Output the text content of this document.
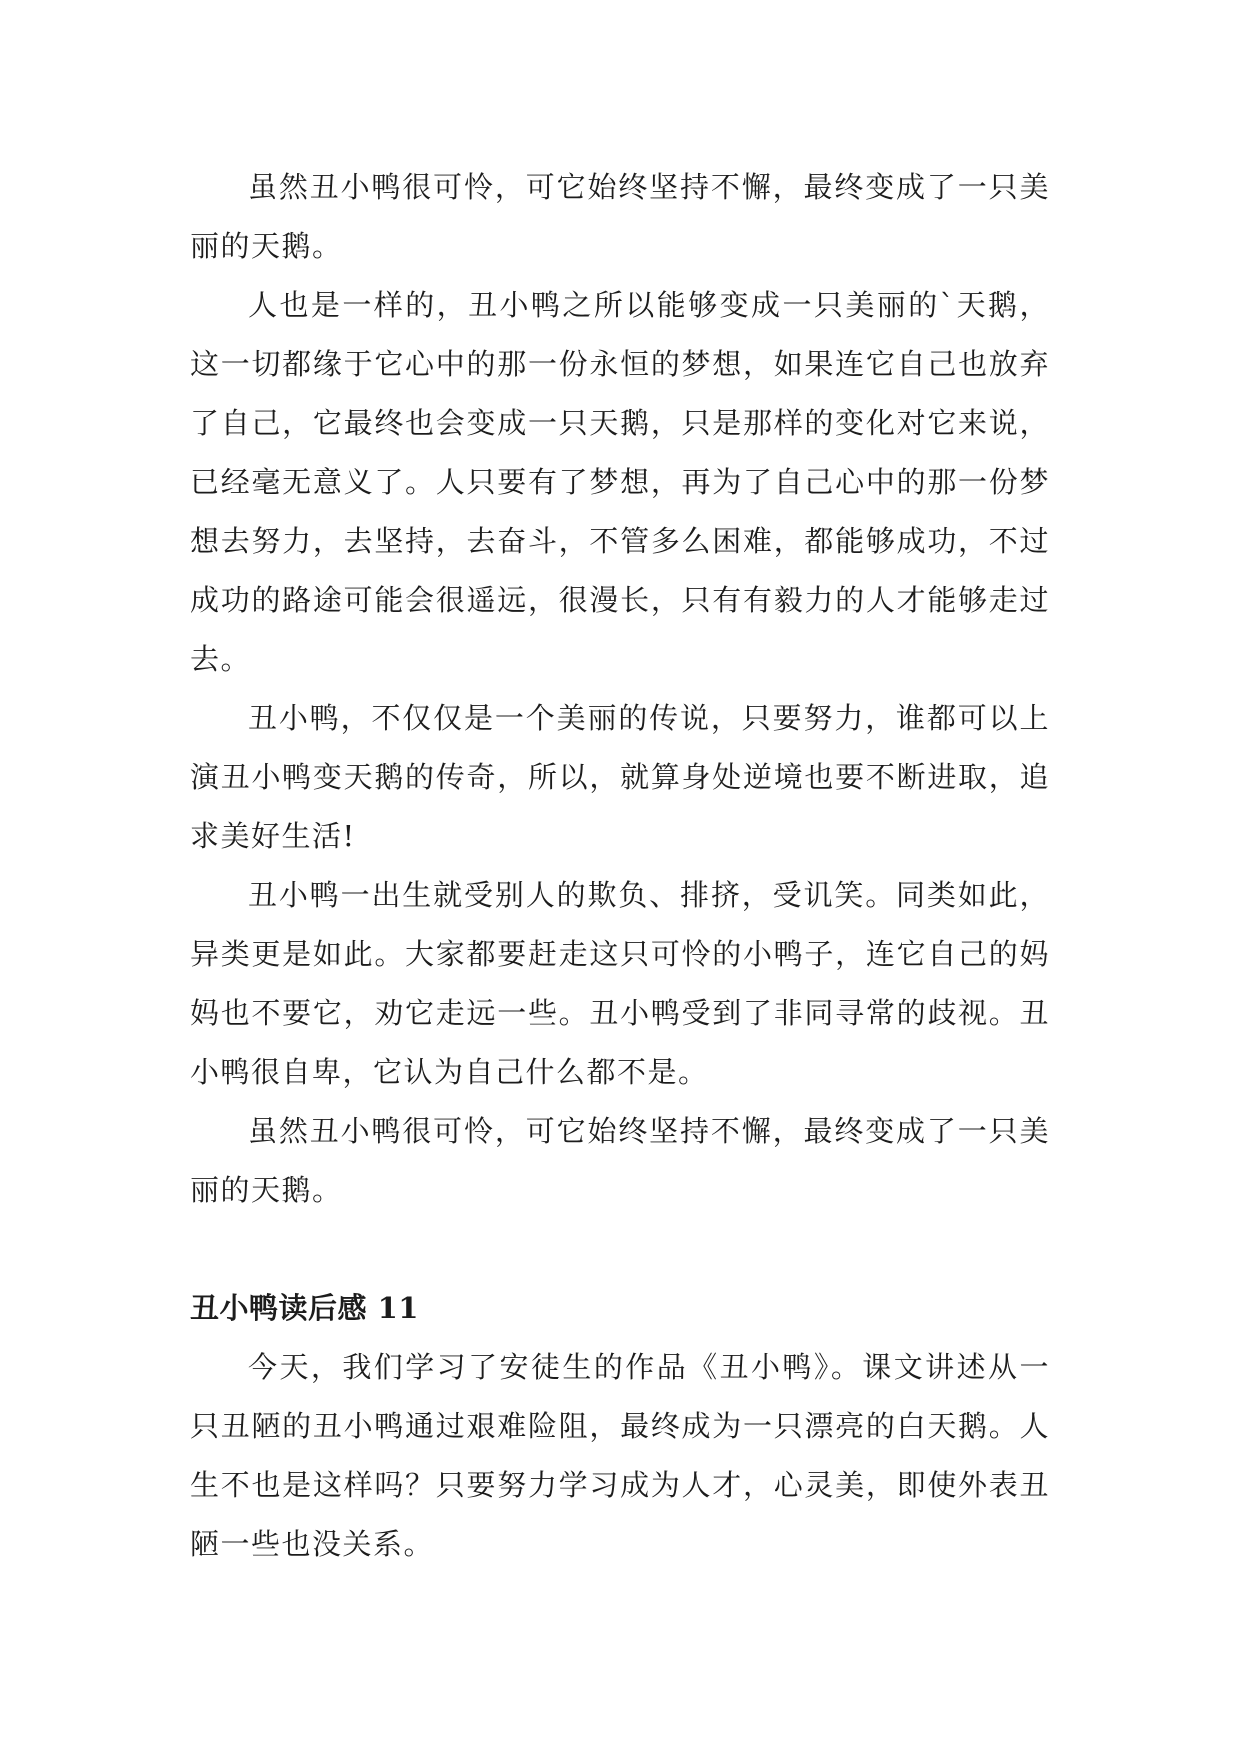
虽然丑小鸭很可怜，可它始终坚持不懈，最终变成了一只美丽的天鹅。

人也是一样的，丑小鸭之所以能够变成一只美丽的`天鹅，这一切都缘于它心中的那一份永恒的梦想，如果连它自己也放弃了自己，它最终也会变成一只天鹅，只是那样的变化对它来说，已经毫无意义了。人只要有了梦想，再为了自己心中的那一份梦想去努力，去坚持，去奋斗，不管多么困难，都能够成功，不过成功的路途可能会很遥远，很漫长，只有有毅力的人才能够走过去。

丑小鸭，不仅仅是一个美丽的传说，只要努力，谁都可以上演丑小鸭变天鹅的传奇，所以，就算身处逆境也要不断进取，追求美好生活!

丑小鸭一出生就受别人的欺负、排挤，受讥笑。同类如此，异类更是如此。大家都要赶走这只可怜的小鸭子，连它自己的妈妈也不要它，劝它走远一些。丑小鸭受到了非同寻常的歧视。丑小鸭很自卑，它认为自己什么都不是。

虽然丑小鸭很可怜，可它始终坚持不懈，最终变成了一只美丽的天鹅。

丑小鸭读后感 11

今天，我们学习了安徒生的作品《丑小鸭》。课文讲述从一只丑陋的丑小鸭通过艰难险阻，最终成为一只漂亮的白天鹅。人生不也是这样吗？只要努力学习成为人才，心灵美，即使外表丑陋一些也没关系。
